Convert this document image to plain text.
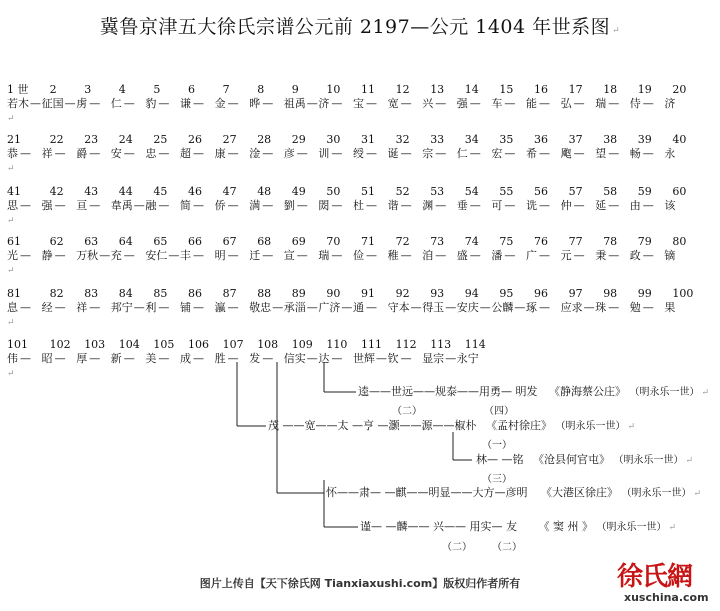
冀鲁京津五大徐氏宗谱公元前 2197—公元 1404 年世系图 ↵
1 世 2	3	4	5	6	7	8	9	10 11 12 13 14 15 16 17 18 19 20
若木 — 征国 — 虏 — 仁 — 豹 — 谦 — 金 — 晔 — 祖禹 — 济 — 宝 — 宽 — 兴 — 强 — 车 — 能 — 弘 — 瑞 — 侍 — 济
↵
21	22 23 24 25 26 27 28 29 30 31 32 33 34 35 36 37 38 39 40
恭 — 祥 — 爵 — 安 — 忠 — 超 — 康 — 淦 — 彦 — 训 — 绶 — 诞 — 宗 — 仁 — 宏 — 希 — 飑 — 望 — 畅 — 永
↵
41	42 43 44 45 46 47 48 49 50 51 52 53 54 55 56 57 58 59 60
思 — 强 — 亘 — 韋禹 — 融 — 简 — 侨 — 满 — 劉 — 閦 — 杜 — 谐 — 渊 — 垂 — 可 — 诜 — 仲 — 延 — 由 — 该
↵
61	62 63 64 65 66 67 68 69 70 71 72 73 74 75 76 77 78 79 80
光 — 静 — 万秋 — 充 — 安仁 — 丰 — 明 — 迁 — 宣 — 瑞 — 俭 — 稚 — 洎 — 盛 — 潘 — 广 — 元 — 秉 — 政 — 镝
↵
81	82 83 84 85 86 87 88 89 90 91 92 93 94 95 96 97 98 99 100
息 — 经 — 祥 — 邦宁 — 利 — 铺 — 瀛 — 敬忠 — 承淄 — 广济 — 通 — 守本 — 得玉 — 安庆 — 公麟 — 琢 — 应求 — 珠 — 勉 — 果
↵
101 102 103 104 105 106 107 108 109 110 111 112 113 114
伟 — 昭 — 厚 — 新 — 美 — 成 — 胜 — 发 — 信实 — 达 — 世辉 — 钦 — 显宗 — 永宁
↵
逵——世远——规泰——用勇— 明发 《静海蔡公庄》 （明永乐一世） ↵
（二）	（四）
茂 ——宽——太 —亨 —灏——源——椒朴 《孟村徐庄》 （明永乐一世） ↵
（一）
林— —铭 《沧县何官屯》 （明永乐一世） ↵
（三）
怀——肃— —麒——明显——大方—彦明 《大港区徐庄》 （明永乐一世） ↵
谨— —麟—— 兴—— 用实— 友 《 窦 州 》 （明永乐一世） ↵
（二） （二）
图片上传自【天下徐氏网 Tianxiaxushi.com】版权归作者所有	徐氏網
xuschina.com
